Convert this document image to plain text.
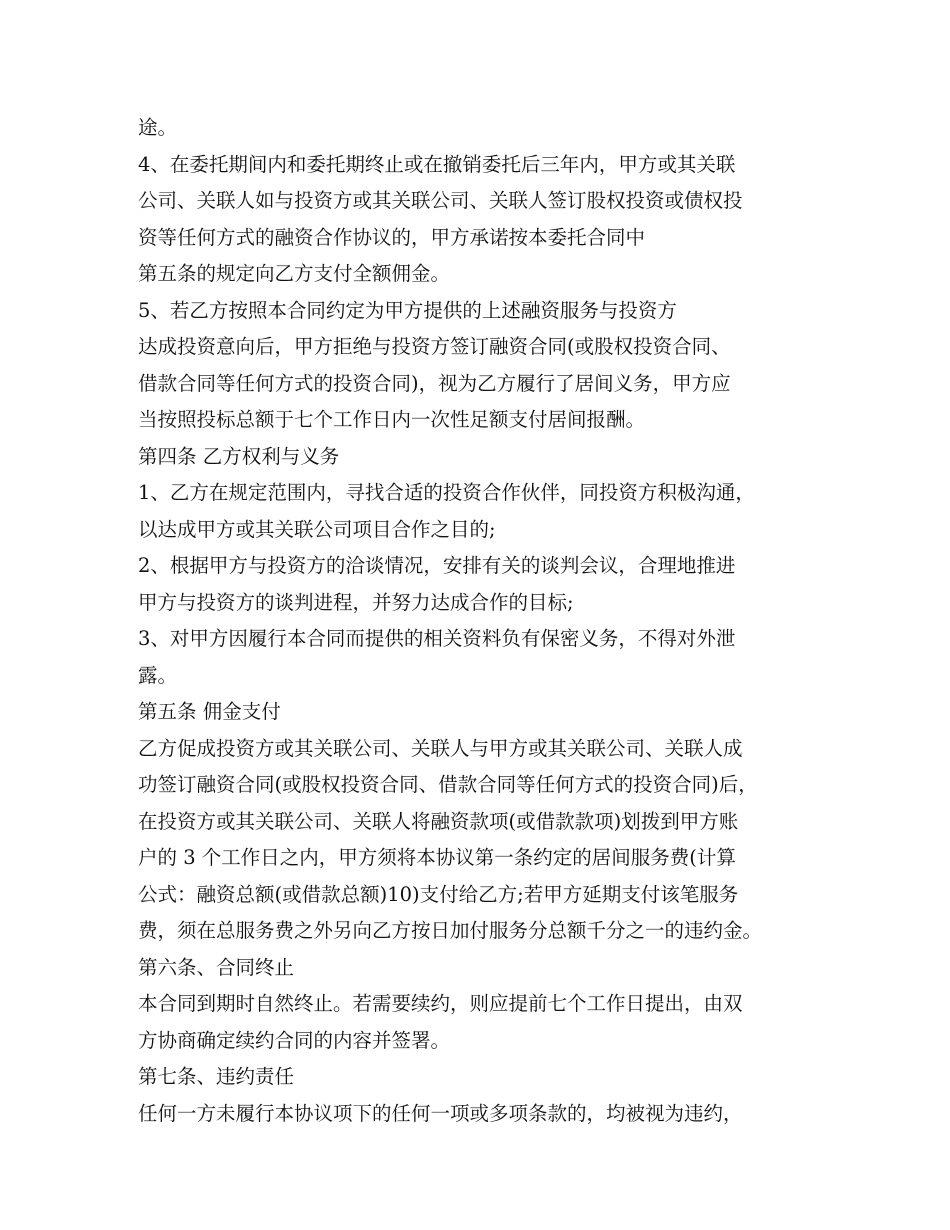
途。
4、在委托期间内和委托期终止或在撤销委托后三年内，甲方或其关联
公司、关联人如与投资方或其关联公司、关联人签订股权投资或债权投
资等任何方式的融资合作协议的，甲方承诺按本委托合同中
第五条的规定向乙方支付全额佣金。
5、若乙方按照本合同约定为甲方提供的上述融资服务与投资方
达成投资意向后，甲方拒绝与投资方签订融资合同(或股权投资合同、
借款合同等任何方式的投资合同)，视为乙方履行了居间义务，甲方应
当按照投标总额于七个工作日内一次性足额支付居间报酬。
第四条 乙方权利与义务
1、乙方在规定范围内，寻找合适的投资合作伙伴，同投资方积极沟通，
以达成甲方或其关联公司项目合作之目的;
2、根据甲方与投资方的洽谈情况，安排有关的谈判会议，合理地推进
甲方与投资方的谈判进程，并努力达成合作的目标;
3、对甲方因履行本合同而提供的相关资料负有保密义务，不得对外泄
露。
第五条 佣金支付
乙方促成投资方或其关联公司、关联人与甲方或其关联公司、关联人成
功签订融资合同(或股权投资合同、借款合同等任何方式的投资合同)后，
在投资方或其关联公司、关联人将融资款项(或借款款项)划拨到甲方账
户的 3 个工作日之内，甲方须将本协议第一条约定的居间服务费(计算
公式：融资总额(或借款总额)10)支付给乙方;若甲方延期支付该笔服务
费，须在总服务费之外另向乙方按日加付服务分总额千分之一的违约金。
第六条、合同终止
本合同到期时自然终止。若需要续约，则应提前七个工作日提出，由双
方协商确定续约合同的内容并签署。
第七条、违约责任
任何一方未履行本协议项下的任何一项或多项条款的，均被视为违约，
